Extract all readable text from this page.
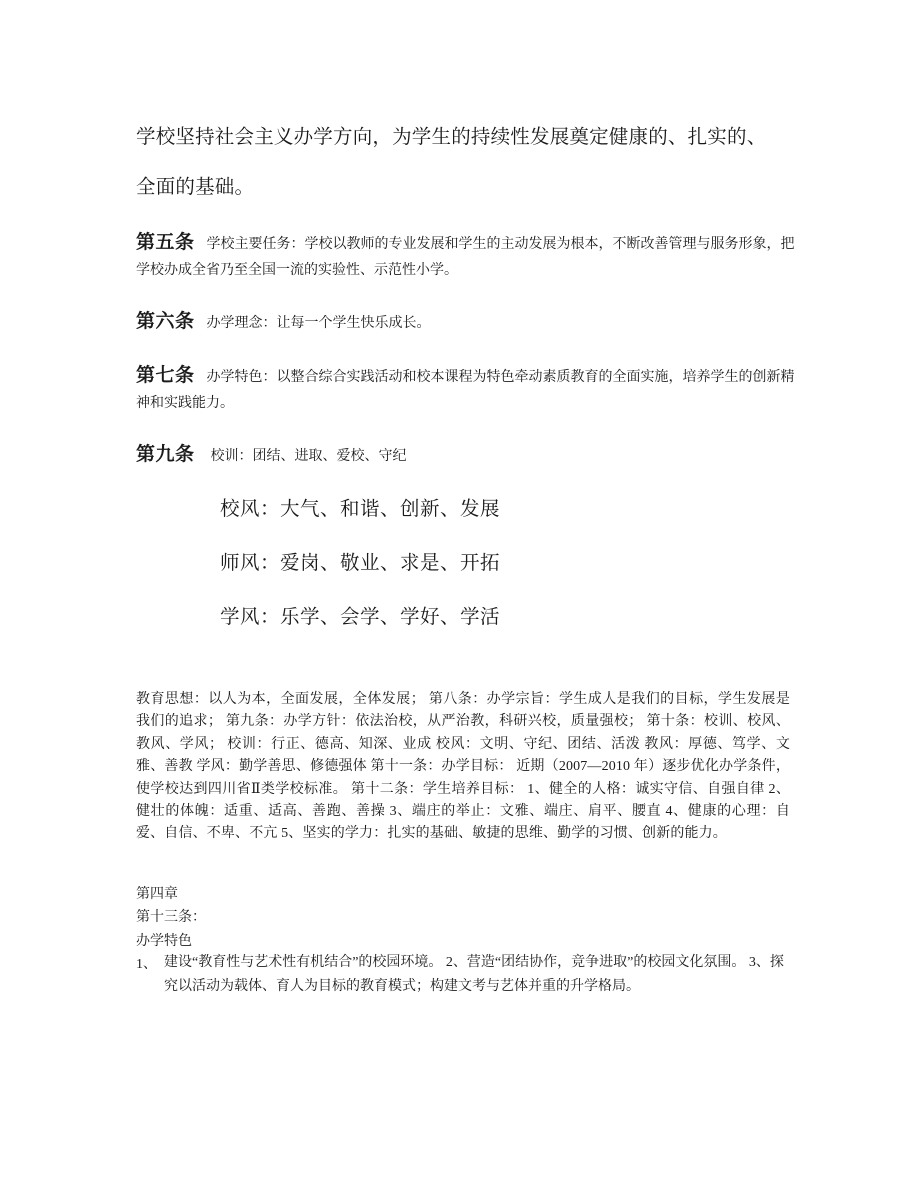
学校坚持社会主义办学方向，为学生的持续性发展奠定健康的、扎实的、
全面的基础。
第五条 学校主要任务：学校以教师的专业发展和学生的主动发展为根本，不断改善管理与服务形象，把学校办成全省乃至全国一流的实验性、示范性小学。
第六条 办学理念：让每一个学生快乐成长。
第七条 办学特色：以整合综合实践活动和校本课程为特色牵动素质教育的全面实施，培养学生的创新精神和实践能力。
第九条 校训：团结、进取、爱校、守纪
校风：大气、和谐、创新、发展
师风：爱岗、敬业、求是、开拓
学风：乐学、会学、学好、学活
教育思想：以人为本，全面发展，全体发展； 第八条：办学宗旨：学生成人是我们的目标，学生发展是我们的追求； 第九条：办学方针：依法治校，从严治教，科研兴校，质量强校； 第十条：校训、校风、教风、学风； 校训：行正、德高、知深、业成 校风：文明、守纪、团结、活泼 教风：厚德、笃学、文雅、善教 学风：勤学善思、修德强体 第十一条：办学目标： 近期（2007—2010 年）逐步优化办学条件，使学校达到四川省Ⅱ类学校标准。 第十二条：学生培养目标： 1、健全的人格：诚实守信、自强自律 2、健壮的体魄：适重、适高、善跑、善操 3、端庄的举止：文雅、端庄、肩平、腰直 4、健康的心理：自爱、自信、不卑、不亢 5、坚实的学力：扎实的基础、敏捷的思维、勤学的习惯、创新的能力。
第四章
第十三条：
办学特色
1、 建设“教育性与艺术性有机结合”的校园环境。 2、营造“团结协作，竞争进取”的校园文化氛围。 3、探究以活动为载体、育人为目标的教育模式；构建文考与艺体并重的升学格局。
